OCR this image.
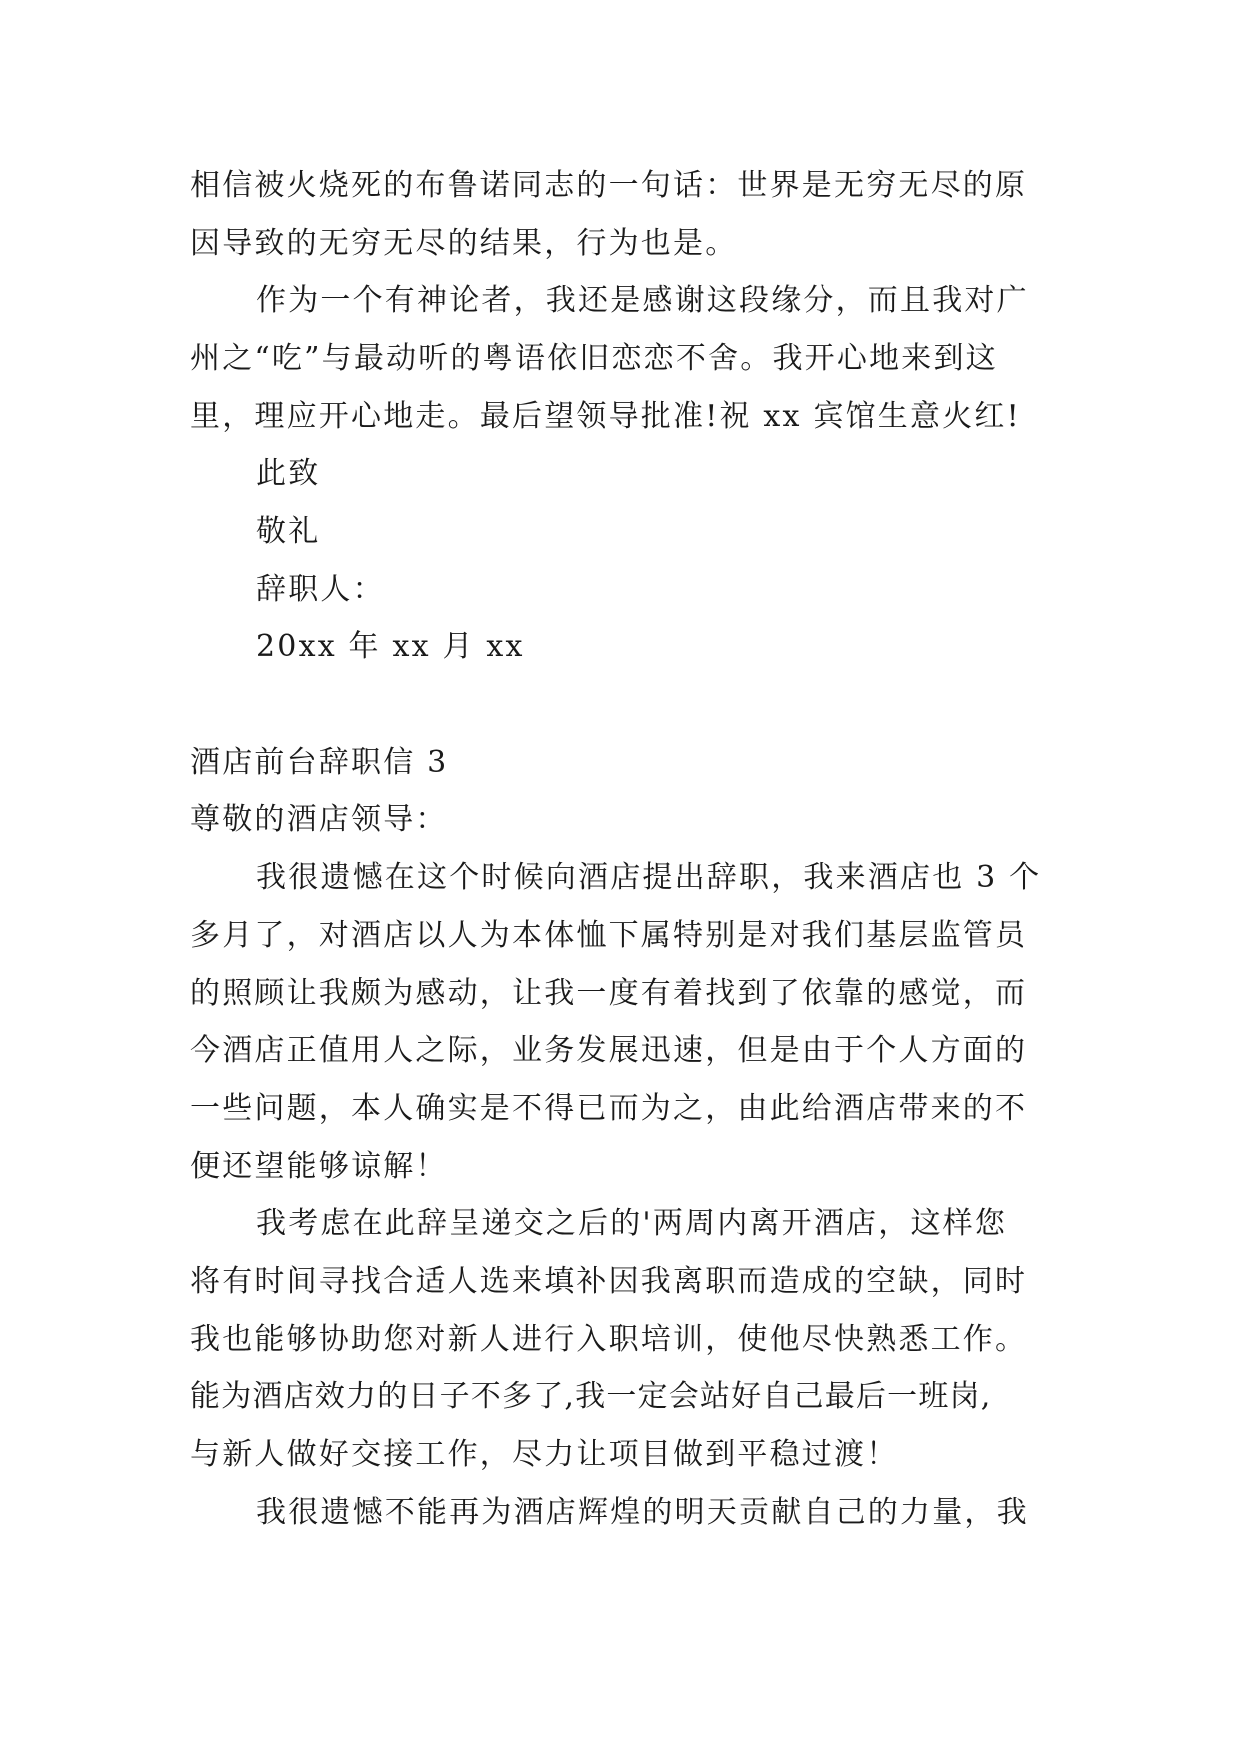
相信被火烧死的布鲁诺同志的一句话：世界是无穷无尽的原
因导致的无穷无尽的结果，行为也是。
作为一个有神论者，我还是感谢这段缘分，而且我对广
州之“吃”与最动听的粤语依旧恋恋不舍。我开心地来到这
里，理应开心地走。最后望领导批准!祝 xx 宾馆生意火红!
此致
敬礼
辞职人：
20xx 年 xx 月 xx
酒店前台辞职信 3
尊敬的酒店领导：
我很遗憾在这个时候向酒店提出辞职，我来酒店也 3 个
多月了，对酒店以人为本体恤下属特别是对我们基层监管员
的照顾让我颇为感动，让我一度有着找到了依靠的感觉，而
今酒店正值用人之际，业务发展迅速，但是由于个人方面的
一些问题，本人确实是不得已而为之，由此给酒店带来的不
便还望能够谅解！
我考虑在此辞呈递交之后的'两周内离开酒店，这样您
将有时间寻找合适人选来填补因我离职而造成的空缺，同时
我也能够协助您对新人进行入职培训，使他尽快熟悉工作。
能为酒店效力的日子不多了,我一定会站好自己最后一班岗,
与新人做好交接工作，尽力让项目做到平稳过渡！
我很遗憾不能再为酒店辉煌的明天贡献自己的力量，我
